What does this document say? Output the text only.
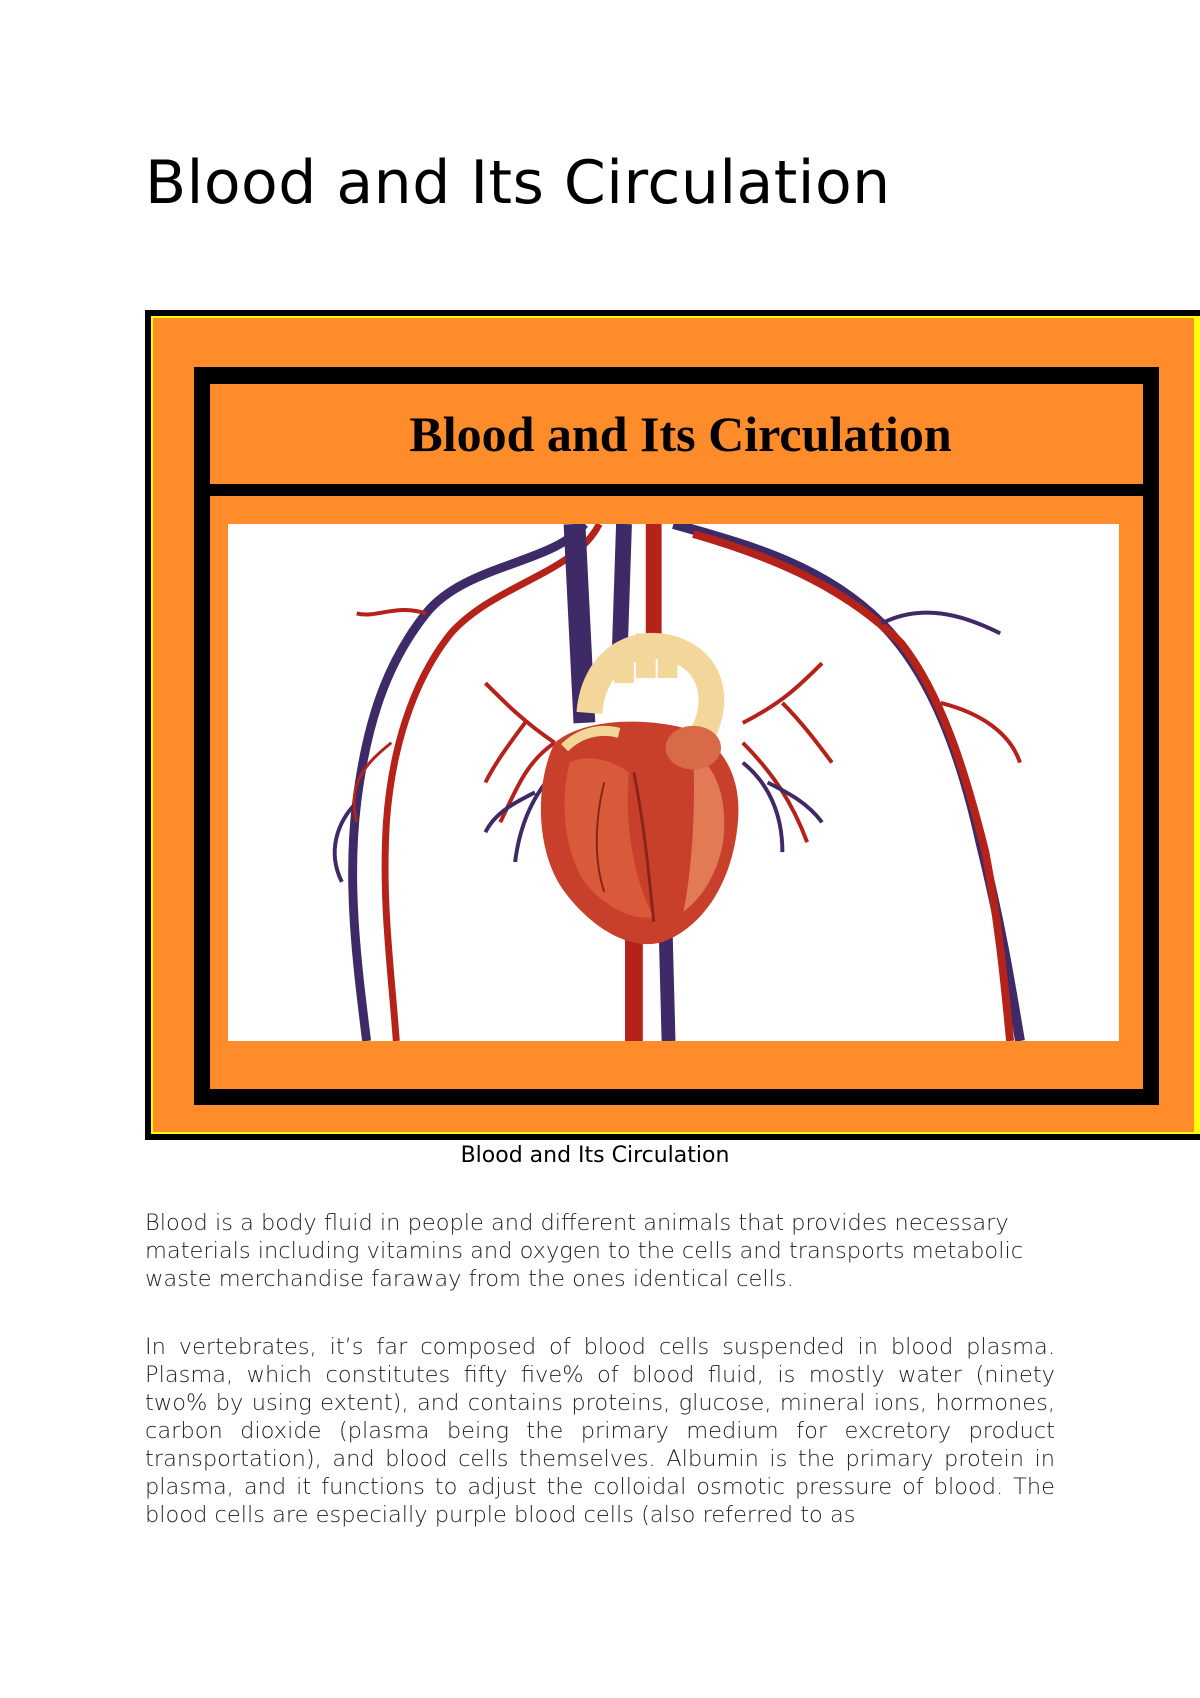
Blood and Its Circulation
Blood and Its Circulation
Blood and Its Circulation

Blood is a body fluid in people and different animals that provides necessary materials including vitamins and oxygen to the cells and transports metabolic waste merchandise faraway from the ones identical cells.

In vertebrates, it’s far composed of blood cells suspended in blood plasma. Plasma, which constitutes fifty five% of blood fluid, is mostly water (ninety two% by using extent), and contains proteins, glucose, mineral ions, hormones, carbon dioxide (plasma being the primary medium for excretory product transportation), and blood cells themselves. Albumin is the primary protein in plasma, and it functions to adjust the colloidal osmotic pressure of blood. The blood cells are especially purple blood cells (also referred to as
